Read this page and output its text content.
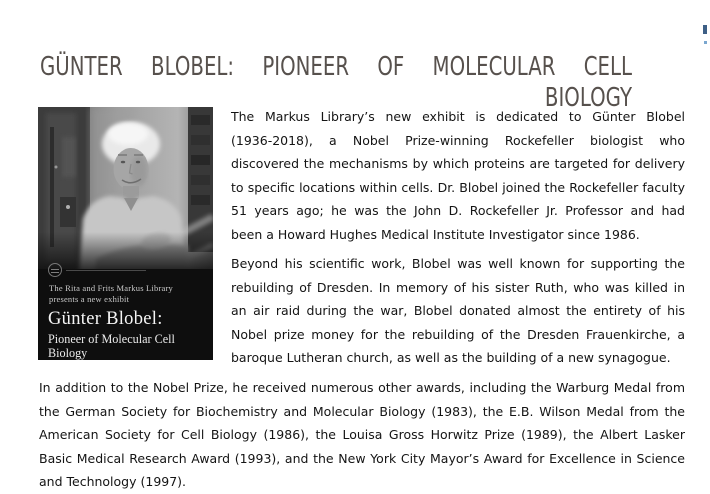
GÜNTER BLOBEL: PIONEER OF MOLECULAR CELL
BIOLOGY
The Rita and Frits Markus Library
presents a new exhibit
Günter Blobel:
Pioneer of Molecular Cell Biology
The Markus Library’s new exhibit is dedicated to Günter Blobel
(1936-2018), a Nobel Prize-winning Rockefeller biologist who
discovered the mechanisms by which proteins are targeted for delivery
to specific locations within cells. Dr. Blobel joined the Rockefeller faculty
51 years ago; he was the John D. Rockefeller Jr. Professor and had
been a Howard Hughes Medical Institute Investigator since 1986.
Beyond his scientific work, Blobel was well known for supporting the
rebuilding of Dresden. In memory of his sister Ruth, who was killed in
an air raid during the war, Blobel donated almost the entirety of his
Nobel prize money for the rebuilding of the Dresden Frauenkirche, a
baroque Lutheran church, as well as the building of a new synagogue.
In addition to the Nobel Prize, he received numerous other awards, including the Warburg Medal from
the German Society for Biochemistry and Molecular Biology (1983), the E.B. Wilson Medal from the
American Society for Cell Biology (1986), the Louisa Gross Horwitz Prize (1989), the Albert Lasker
Basic Medical Research Award (1993), and the New York City Mayor’s Award for Excellence in Science
and Technology (1997).
